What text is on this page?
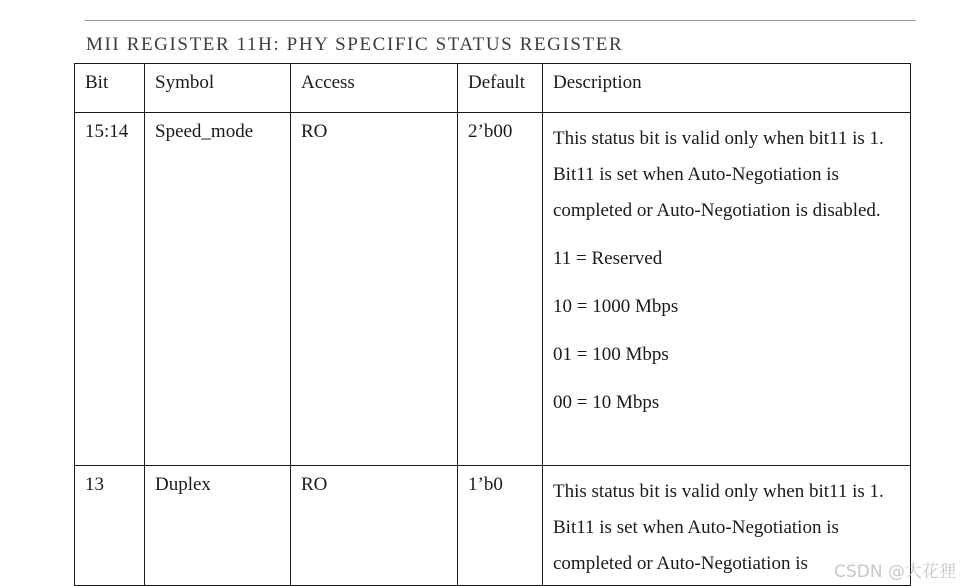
MII REGISTER 11H: PHY SPECIFIC STATUS REGISTER
Bit	Symbol	Access	Default	Description
15:14	Speed_mode	RO	2’b00	This status bit is valid only when bit11 is 1. Bit11 is set when Auto-Negotiation is completed or Auto-Negotiation is disabled.

11 = Reserved

10 = 1000 Mbps

01 = 100 Mbps

00 = 10 Mbps

13	Duplex	RO	1’b0	This status bit is valid only when bit11 is 1. Bit11 is set when Auto-Negotiation is completed or Auto-Negotiation is	CSDN @大花狸
